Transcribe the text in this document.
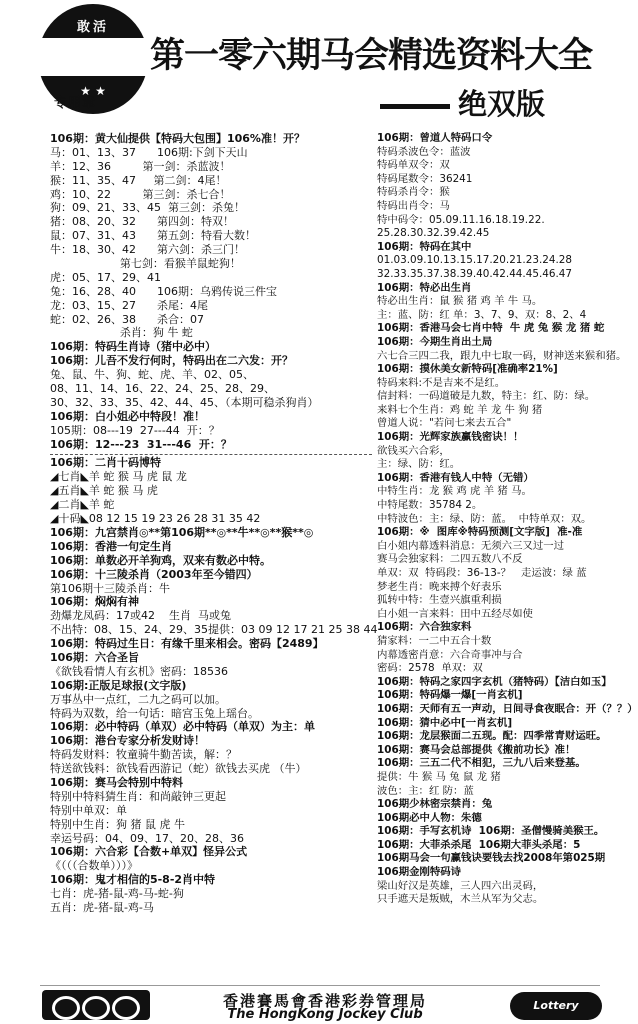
敢活
★ ★
专用章
第一零六期马会精选资料大全
绝双版
106期：黄大仙提供【特码大包围】106%准！开？
马：01、13、37      106期:下剑下天山
羊：12、36         第一剑：杀蓝波！
猴：11、35、47     第二剑：4尾！
鸡：10、22         第三剑：杀七合！
狗：09、21、33、45  第三剑：杀兔！
猪：08、20、32      第四剑：特双！
鼠：07、31、43      第五剑：特看大数！
牛：18、30、42      第六剑：杀三门！
第七剑：看猴羊鼠蛇狗！
虎：05、17、29、41
兔：16、28、40      106期：乌鸦传说三件宝
龙：03、15、27      杀尾：4尾
蛇：02、26、38      杀合：07
杀肖：狗 牛 蛇
106期：特码生肖诗（猪中必中）
106期：儿吾不发行何时，特码出在二六发：开？
兔、鼠、牛、狗、蛇、虎、羊、02、05、
08、11、14、16、22、24、25、28、29、
30、32、33、35、42、44、45、（本期可稳杀狗肖）
106期：白小姐必中特段！准！
105期：08---19  27---44  开：？
106期：12---23  31---46  开：？
106期：二肖十码博特
◢七肖◣羊 蛇 猴 马 虎 鼠 龙
◢五肖◣羊 蛇 猴 马 虎
◢二肖◣羊 蛇
◢十码◣08 12 15 19 23 26 28 31 35 42
106期：九宫禁肖◎**第106期**◎**牛**◎**猴**◎
106期：香港一句定生肖
106期：单数必开羊狗鸡，双来有数必中特。
106期：十三陵杀肖（2003年至今错四）
第106期十三陵杀肖：牛
106期：焖焖有神
劲爆龙凤码：17或42    生肖  马或兔
不出特：08、15、24、29、35提供：03 09 12 17 21 25 38 44
106期：特码过生日：有缘千里来相会。密码【2489】
106期：六合圣旨
《欲钱看情人有玄机》密码：18536
106期:正版足球报(文字版)
万事丛中一点红，二九之码可以加。
特码为双数，给一句话：暗宫玉兔上瑶台。
106期：必中特码（单双）必中特码（单双）为主：单
106期：港台专家分析发财诗！
特码发财料：牧童骑牛勤苦读，解：？
特送欲钱料：欲钱看西游记（蛇）欲钱去买虎 （牛）
106期：赛马会特别中特料
特别中特料猜生肖：和尚敲钟三更起
特别中单双：单
特别中生肖：狗 猪 鼠 虎 牛
幸运号码：04、09、17、20、28、36
106期：六合彩【合数+单双】怪异公式
《（（（合数单）））》
106期：鬼才相信的5-8-2肖中特
七肖：虎-猪-鼠-鸡-马-蛇-狗
五肖：虎-猪-鼠-鸡-马
106期：曾道人特码口令
特码杀波色令：蓝波
特码单双令：双
特码尾数令：36241
特码杀肖令：猴
特码出肖令：马
特中码令：05.09.11.16.18.19.22.
25.28.30.32.39.42.45
106期：特码在其中
01.03.09.10.13.15.17.20.21.23.24.28
32.33.35.37.38.39.40.42.44.45.46.47
106期：特必出生肖
特必出生肖：鼠 猴 猪 鸡 羊 牛 马。
主：蓝、防：红 单：3、7、9、双：8、2、4
106期：香港马会七肖中特  牛 虎 兔 猴 龙 猪 蛇
106期：今期生肖出土局
六七合三四二我，跟九中七取一码，财神送来猴和猪。
106期：摸休美女新特码[准确率21%]
特码来料:不是吉来不是红。
信封料：一码道破是九数，特主：红、防：绿。
来料七个生肖：鸡 蛇 羊 龙 牛 狗 猪
曾道人说："若问七来去五合"
106期：光辉家族赢钱密诀！！
欲钱买六合彩，
主：绿、防：红。
106期：香港有钱人中特（无错）
中特生肖：龙 猴 鸡 虎 羊 猪 马。
中特尾数：35784 2。
中特波色：主：绿、防：蓝。  中特单双：双。
106期：※  图库※特码预测[文字版]  准-准
白小姐内幕透料消息：无须六三又过一过
赛马会独家料：二四五数八不反
单双：双  特码段：36-13-？   走运波：绿 蓝
梦老生肖：晚来搏个好表乐
狐转中特：生壹兴旗重利损
白小姐一言来料：田中五经尽如使
106期：六合独家料
猜家料：一二中五合十数
内幕透密肖意：六合奇事冲与合
密码：2578  单双：双
106期：特码之家四字玄机（猪特码）【洁白如玉】
106期：特码爆一爆[一肖玄机]
106期：天师有五一声动，日间寻食夜眠合：开（？？）
106期：猜中必中[一肖玄机]
106期：龙层猴面二五现。配：四季常青财运旺。
106期：赛马会总部提供《搬前功长》准！
106期：三五二代不相犯，三九八后来登基。
提供：牛 猴 马 兔 鼠 龙 猪
波色：主：红 防：蓝
106期少林密宗禁肖：兔
106期必中人物：朱德
106期：手写玄机诗  106期：圣僧慢骑美猴王。
106期：大菲杀杀尾  106期大菲头杀尾：5
106期马会一句赢钱诀要钱去找2008年第025期
106期金刚特码诗
梁山好汉是英雄，三人四六出灵码，
只手遮天是叛贼，木兰从军为父志。
香港賽馬會香港彩券管理局
The HongKong Jockey Club
Lottery
